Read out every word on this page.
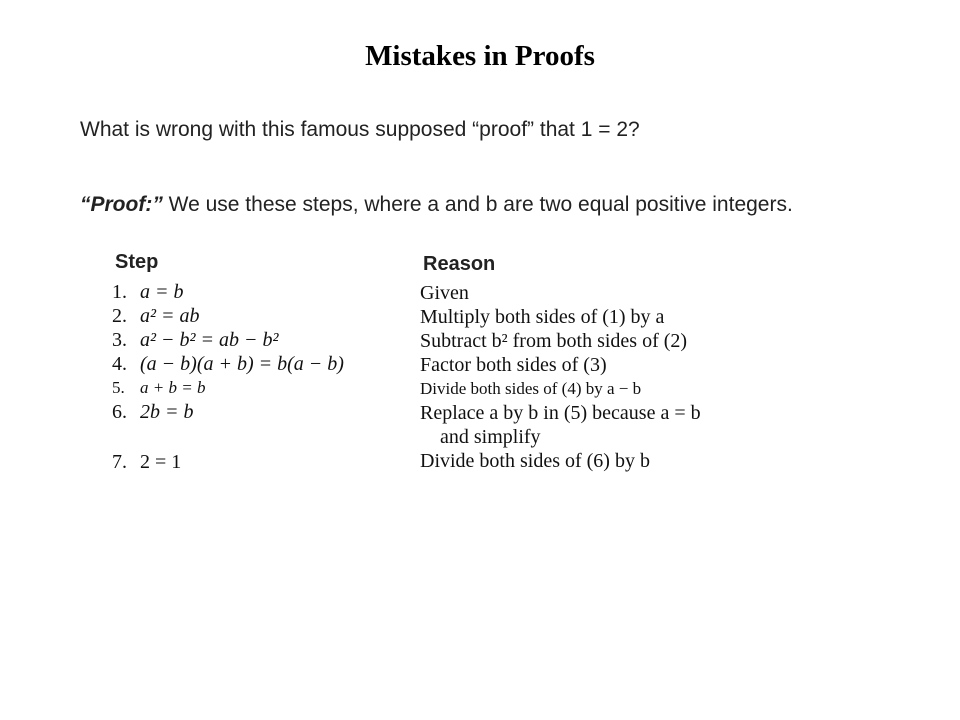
Mistakes in Proofs
What is wrong with this famous supposed “proof” that 1 = 2?
“Proof:” We use these steps, where a and b are two equal positive integers.
Step	Reason
1. a = b
2. a² = ab
3. a² − b² = ab − b²
4. (a − b)(a + b) = b(a − b)
5. a + b = b
6. 2b = b
7. 2 = 1
Given
Multiply both sides of (1) by a
Subtract b² from both sides of (2)
Factor both sides of (3)
Divide both sides of (4) by a − b
Replace a by b in (5) because a = b
and simplify
Divide both sides of (6) by b
